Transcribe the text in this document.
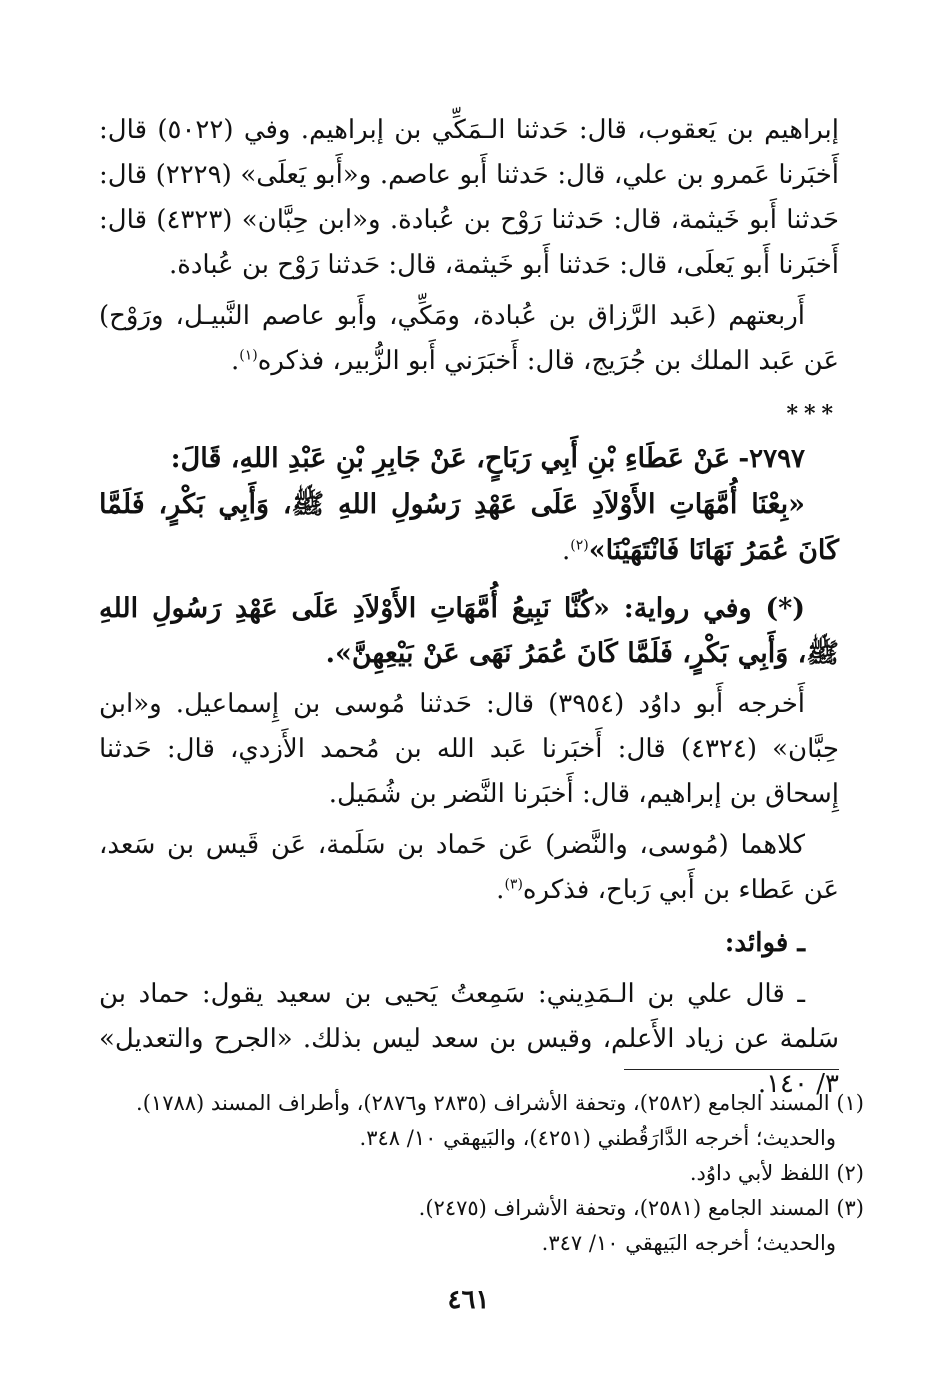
إبراهيم بن يَعقوب، قال: حَدثنا الـمَكِّي بن إبراهيم. وفي (٥٠٢٢) قال: أَخبَرنا عَمرو بن علي، قال: حَدثنا أَبو عاصم. و«أَبو يَعلَى» (٢٢٢٩) قال: حَدثنا أَبو خَيثمة، قال: حَدثنا رَوْح بن عُبادة. و«ابن حِبَّان» (٤٣٢٣) قال: أَخبَرنا أَبو يَعلَى، قال: حَدثنا أَبو خَيثمة، قال: حَدثنا رَوْح بن عُبادة.

أَربعتهم (عَبد الرَّزاق بن عُبادة، ومَكِّي، وأَبو عاصم النَّبيـل، ورَوْح) عَن عَبد الملك بن جُرَيج، قال: أَخبَرَني أَبو الزُّبير، فذكره$^{(١)}$.

***

٢٧٩٧- عَنْ عَطَاءِ بْنِ أَبِي رَبَاحٍ، عَنْ جَابِرِ بْنِ عَبْدِ اللهِ، قَالَ:

«بِعْنَا أُمَّهَاتِ الأَوْلاَدِ عَلَى عَهْدِ رَسُولِ اللهِ ﷺ، وَأَبِي بَكْرٍ، فَلَمَّا كَانَ عُمَرُ نَهَانَا فَانْتَهَيْنَا»$^{(٢)}$.

(*) وفي رواية: «كُنَّا نَبِيعُ أُمَّهَاتِ الأَوْلاَدِ عَلَى عَهْدِ رَسُولِ اللهِ ﷺ، وَأَبِي بَكْرٍ، فَلَمَّا كَانَ عُمَرُ نَهَى عَنْ بَيْعِهِنَّ».

أَخرجه أَبو داوُد (٣٩٥٤) قال: حَدثنا مُوسى بن إِسماعيل. و«ابن حِبَّان» (٤٣٢٤) قال: أَخبَرنا عَبد الله بن مُحمد الأَزدي، قال: حَدثنا إِسحاق بن إبراهيم، قال: أَخبَرنا النَّضر بن شُمَيل.

كلاهما (مُوسى، والنَّضر) عَن حَماد بن سَلَمة، عَن قَيس بن سَعد، عَن عَطاء بن أَبي رَباح، فذكره$^{(٣)}$.

ـ فوائد:

ـ قال علي بن الـمَدِيني: سَمِعتُ يَحيى بن سعيد يقول: حماد بن سَلمة عن زياد الأَعلم، وقيس بن سعد ليس بذلك. «الجرح والتعديل» ٣/ ١٤٠.

(١) المسند الجامع (٢٥٨٢)، وتحفة الأشراف (٢٨٣٥ و٢٨٧٦)، وأطراف المسند (١٧٨٨).

والحديث؛ أخرجه الدَّارَقُطني (٤٢٥١)، والبَيهقي ١٠/ ٣٤٨.

(٢) اللفظ لأبي داوُد.

(٣) المسند الجامع (٢٥٨١)، وتحفة الأشراف (٢٤٧٥).

والحديث؛ أخرجه البَيهقي ١٠/ ٣٤٧.

٤٦١
